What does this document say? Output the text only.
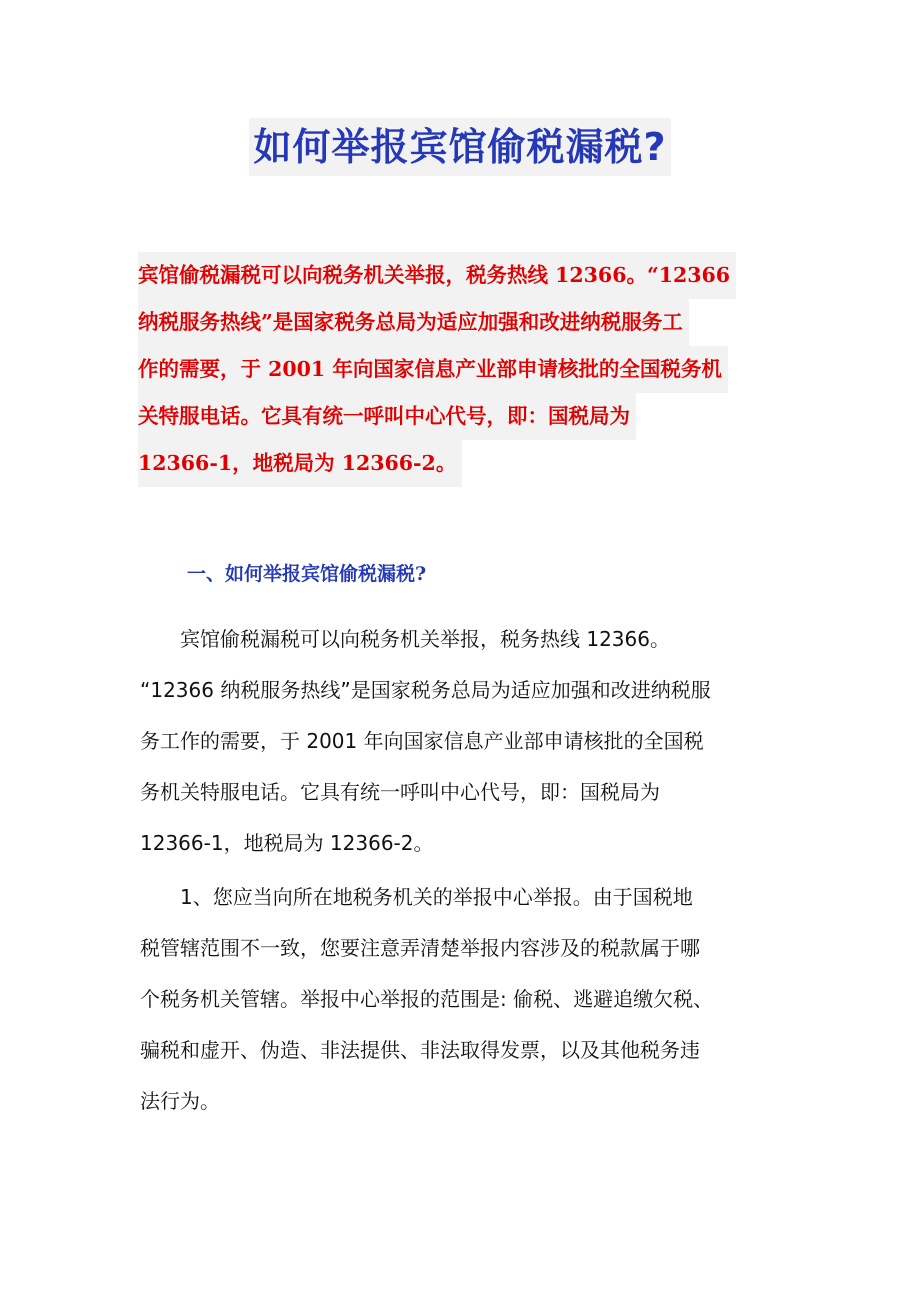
如何举报宾馆偷税漏税?
宾馆偷税漏税可以向税务机关举报，税务热线 12366。“12366
纳税服务热线”是国家税务总局为适应加强和改进纳税服务工
作的需要，于 2001 年向国家信息产业部申请核批的全国税务机
关特服电话。它具有统一呼叫中心代号，即：国税局为
12366-1，地税局为 12366-2。
一、如何举报宾馆偷税漏税?
　　宾馆偷税漏税可以向税务机关举报，税务热线 12366。
“12366 纳税服务热线”是国家税务总局为适应加强和改进纳税服
务工作的需要，于 2001 年向国家信息产业部申请核批的全国税
务机关特服电话。它具有统一呼叫中心代号，即：国税局为
12366-1，地税局为 12366-2。
　　1、您应当向所在地税务机关的举报中心举报。由于国税地
税管辖范围不一致，您要注意弄清楚举报内容涉及的税款属于哪
个税务机关管辖。举报中心举报的范围是: 偷税、逃避追缴欠税、
骗税和虚开、伪造、非法提供、非法取得发票，以及其他税务违
法行为。
